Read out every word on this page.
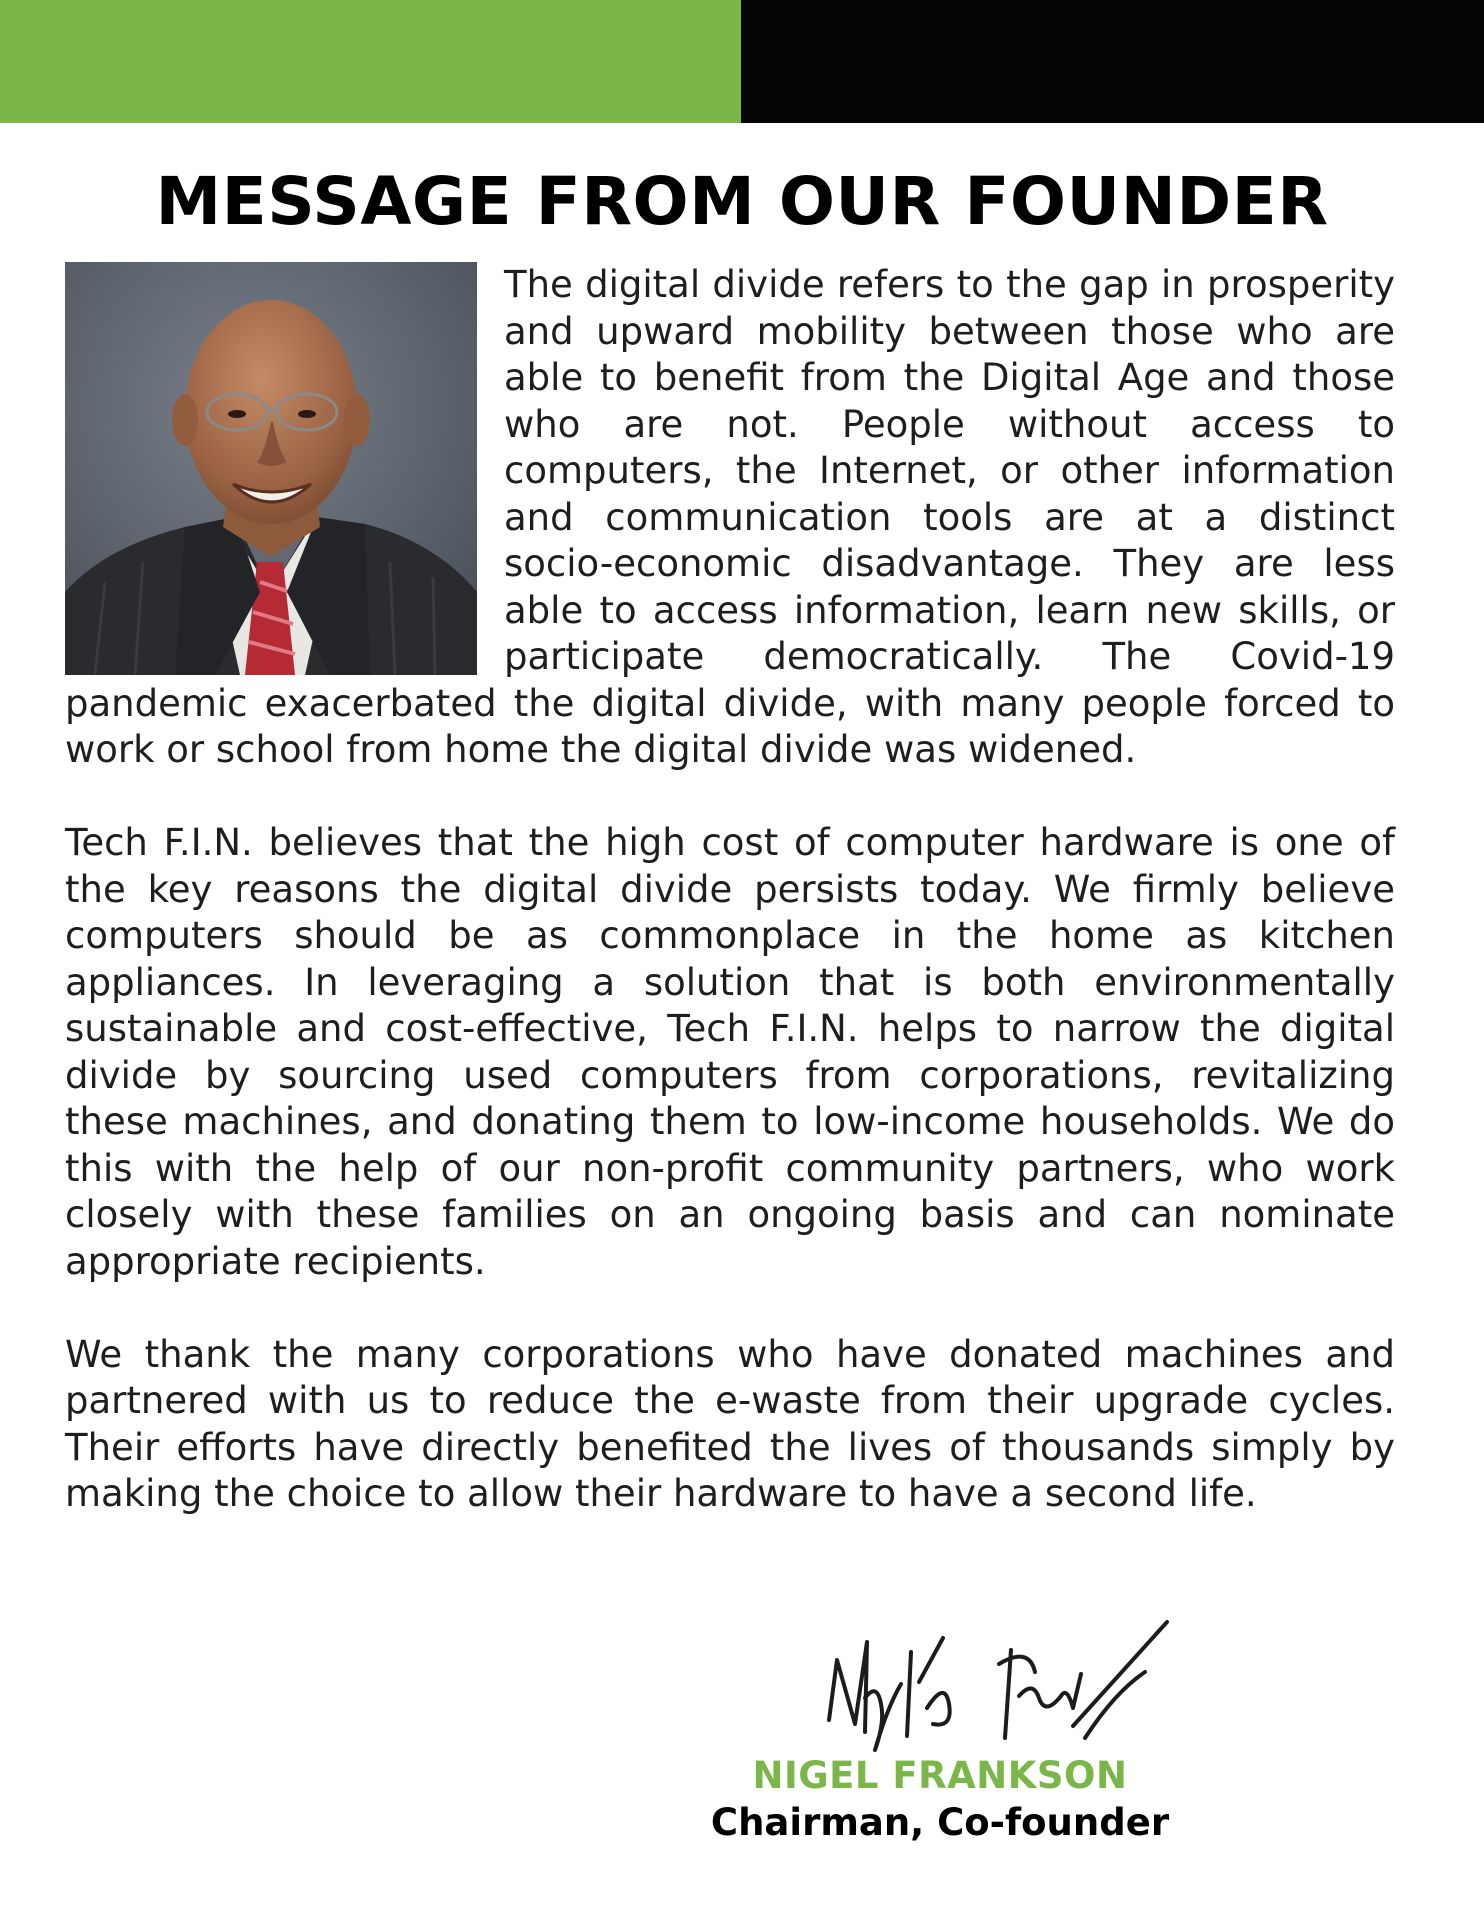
MESSAGE FROM OUR FOUNDER

The digital divide refers to the gap in prosperity and upward mobility between those who are able to benefit from the Digital Age and those who are not. People without access to computers, the Internet, or other information and communication tools are at a distinct socio-economic disadvantage. They are less able to access information, learn new skills, or participate democratically. The Covid-19 pandemic exacerbated the digital divide, with many people forced to work or school from home the digital divide was widened.

Tech F.I.N. believes that the high cost of computer hardware is one of the key reasons the digital divide persists today. We firmly believe computers should be as commonplace in the home as kitchen appliances. In leveraging a solution that is both environmentally sustainable and cost-effective, Tech F.I.N. helps to narrow the digital divide by sourcing used computers from corporations, revitalizing these machines, and donating them to low-income households. We do this with the help of our non-profit community partners, who work closely with these families on an ongoing basis and can nominate appropriate recipients.

We thank the many corporations who have donated machines and partnered with us to reduce the e-waste from their upgrade cycles. Their efforts have directly benefited the lives of thousands simply by making the choice to allow their hardware to have a second life.

NIGEL FRANKSON
Chairman, Co-founder
